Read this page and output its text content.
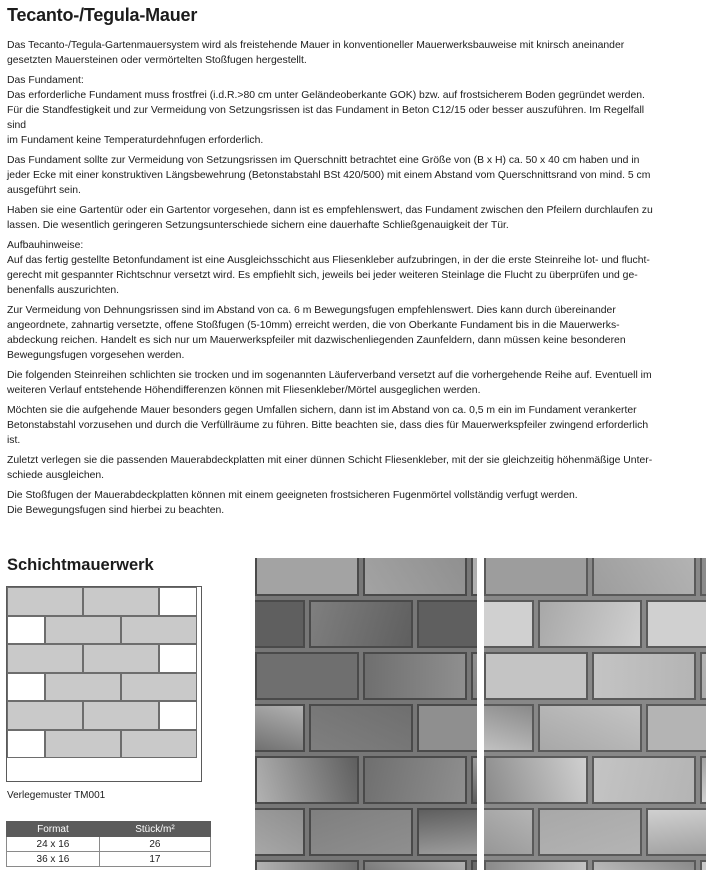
Tecanto-/Tegula-Mauer

Das Tecanto-/Tegula-Gartenmauersystem wird als freistehende Mauer in konventioneller Mauerwerksbauweise mit knirsch aneinander
gesetzten Mauersteinen oder vermörtelten Stoßfugen hergestellt.

Das Fundament:
Das erforderliche Fundament muss frostfrei (i.d.R.>80 cm unter Geländeoberkante GOK) bzw. auf frostsicherem Boden gegründet werden.
Für die Standfestigkeit und zur Vermeidung von Setzungsrissen ist das Fundament in Beton C12/15 oder besser auszuführen. Im Regelfall
sind
im Fundament keine Temperaturdehnfugen erforderlich.

Das Fundament sollte zur Vermeidung von Setzungsrissen im Querschnitt betrachtet eine Größe von (B x H) ca. 50 x 40 cm haben und in
jeder Ecke mit einer konstruktiven Längsbewehrung (Betonstabstahl BSt 420/500) mit einem Abstand vom Querschnittsrand von mind. 5 cm
ausgeführt sein.

Haben sie eine Gartentür oder ein Gartentor vorgesehen, dann ist es empfehlenswert, das Fundament zwischen den Pfeilern durchlaufen zu
lassen. Die wesentlich geringeren Setzungsunterschiede sichern eine dauerhafte Schließgenauigkeit der Tür.

Aufbauhinweise:
Auf das fertig gestellte Betonfundament ist eine Ausgleichsschicht aus Fliesenkleber aufzubringen, in der die erste Steinreihe lot- und flucht-
gerecht mit gespannter Richtschnur versetzt wird. Es empfiehlt sich, jeweils bei jeder weiteren Steinlage die Flucht zu überprüfen und ge-
benenfalls auszurichten.

Zur Vermeidung von Dehnungsrissen sind im Abstand von ca. 6 m Bewegungsfugen empfehlenswert. Dies kann durch übereinander
angeordnete, zahnartig versetzte, offene Stoßfugen (5-10mm) erreicht werden, die von Oberkante Fundament bis in die Mauerwerks-
abdeckung reichen. Handelt es sich nur um Mauerwerkspfeiler mit dazwischenliegenden Zaunfeldern, dann müssen keine besonderen
Bewegungsfugen vorgesehen werden.

Die folgenden Steinreihen schlichten sie trocken und im sogenannten Läuferverband versetzt auf die vorhergehende Reihe auf. Eventuell im
weiteren Verlauf entstehende Höhendifferenzen können mit Fliesenkleber/Mörtel ausgeglichen werden.

Möchten sie die aufgehende Mauer besonders gegen Umfallen sichern, dann ist im Abstand von ca. 0,5 m ein im Fundament verankerter
Betonstabstahl vorzusehen und durch die Verfüllräume zu führen. Bitte beachten sie, dass dies für Mauerwerkspfeiler zwingend erforderlich
ist.

Zuletzt verlegen sie die passenden Mauerabdeckplatten mit einer dünnen Schicht Fliesenkleber, mit der sie gleichzeitig höhenmäßige Unter-
schiede ausgleichen.

Die Stoßfugen der Mauerabdeckplatten können mit einem geeigneten frostsicheren Fugenmörtel vollständig verfugt werden.
Die Bewegungsfugen sind hierbei zu beachten.

Schichtmauerwerk
Verlegemuster TM001
Format	Stück/m²
24 x 16	26
36 x 16	17
